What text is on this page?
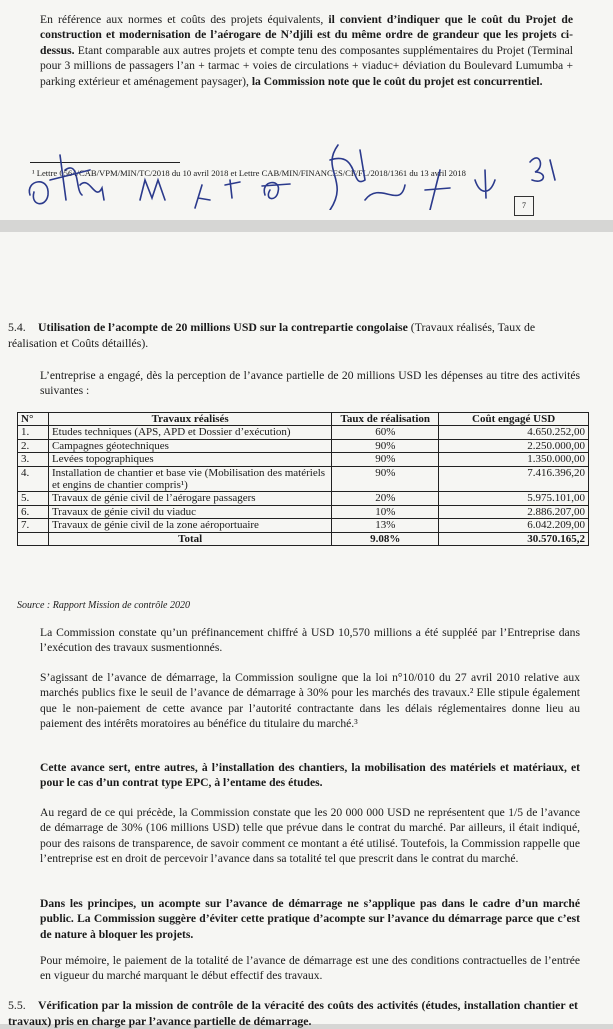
En référence aux normes et coûts des projets équivalents, il convient d’indiquer que le coût du Projet de construction et modernisation de l’aérogare de N’djili est du même ordre de grandeur que les projets ci-dessus. Etant comparable aux autres projets et compte tenu des composantes supplémentaires du Projet (Terminal pour 3 millions de passagers l’an + tarmac + voies de circulations + viaduc+ déviation du Boulevard Lumumba + parking extérieur et aménagement paysager), la Commission note que le coût du projet est concurrentiel.

¹ Lettre 0564/CAB/VPM/MIN/TC/2018 du 10 avril 2018 et Lettre CAB/MIN/FINANCES/CF/FL/2018/1361 du 13 avril 2018
7

5.4. Utilisation de l’acompte de 20 millions USD sur la contrepartie congolaise (Travaux réalisés, Taux de réalisation et Coûts détaillés).

L’entreprise a engagé, dès la perception de l’avance partielle de 20 millions USD les dépenses au titre des activités suivantes :

N°	Travaux réalisés	Taux de réalisation	Coût engagé USD
1.	Etudes techniques (APS, APD et Dossier d’exécution)	60%	4.650.252,00
2.	Campagnes géotechniques	90%	2.250.000,00
3.	Levées topographiques	90%	1.350.000,00
4.	Installation de chantier et base vie (Mobilisation des matériels et engins de chantier compris¹)	90%	7.416.396,20
5.	Travaux de génie civil de l’aérogare passagers	20%	5.975.101,00
6.	Travaux de génie civil du viaduc	10%	2.886.207,00
7.	Travaux de génie civil de la zone aéroportuaire	13%	6.042.209,00
	Total	9.08%	30.570.165,2
Source : Rapport Mission de contrôle 2020

La Commission constate qu’un préfinancement chiffré à USD 10,570 millions a été suppléé par l’Entreprise dans l’exécution des travaux susmentionnés.

S’agissant de l’avance de démarrage, la Commission souligne que la loi n°10/010 du 27 avril 2010 relative aux marchés publics fixe le seuil de l’avance de démarrage à 30% pour les marchés des travaux.² Elle stipule également que le non-paiement de cette avance par l’autorité contractante dans les délais réglementaires donne lieu au paiement des intérêts moratoires au bénéfice du titulaire du marché.³

Cette avance sert, entre autres, à l’installation des chantiers, la mobilisation des matériels et matériaux, et pour le cas d’un contrat type EPC, à l’entame des études.

Au regard de ce qui précède, la Commission constate que les 20 000 000 USD ne représentent que 1/5 de l’avance de démarrage de 30% (106 millions USD) telle que prévue dans le contrat du marché. Par ailleurs, il était indiqué, pour des raisons de transparence, de savoir comment ce montant a été utilisé. Toutefois, la Commission rappelle que l’entreprise est en droit de percevoir l’avance dans sa totalité tel que prescrit dans le contrat du marché.

Dans les principes, un acompte sur l’avance de démarrage ne s’applique pas dans le cadre d’un marché public. La Commission suggère d’éviter cette pratique d’acompte sur l’avance du démarrage parce que c’est de nature à bloquer les projets.

Pour mémoire, le paiement de la totalité de l’avance de démarrage est une des conditions contractuelles de l’entrée en vigueur du marché marquant le début effectif des travaux.

5.5. Vérification par la mission de contrôle de la véracité des coûts des activités (études, installation chantier et travaux) pris en charge par l’avance partielle de démarrage.
